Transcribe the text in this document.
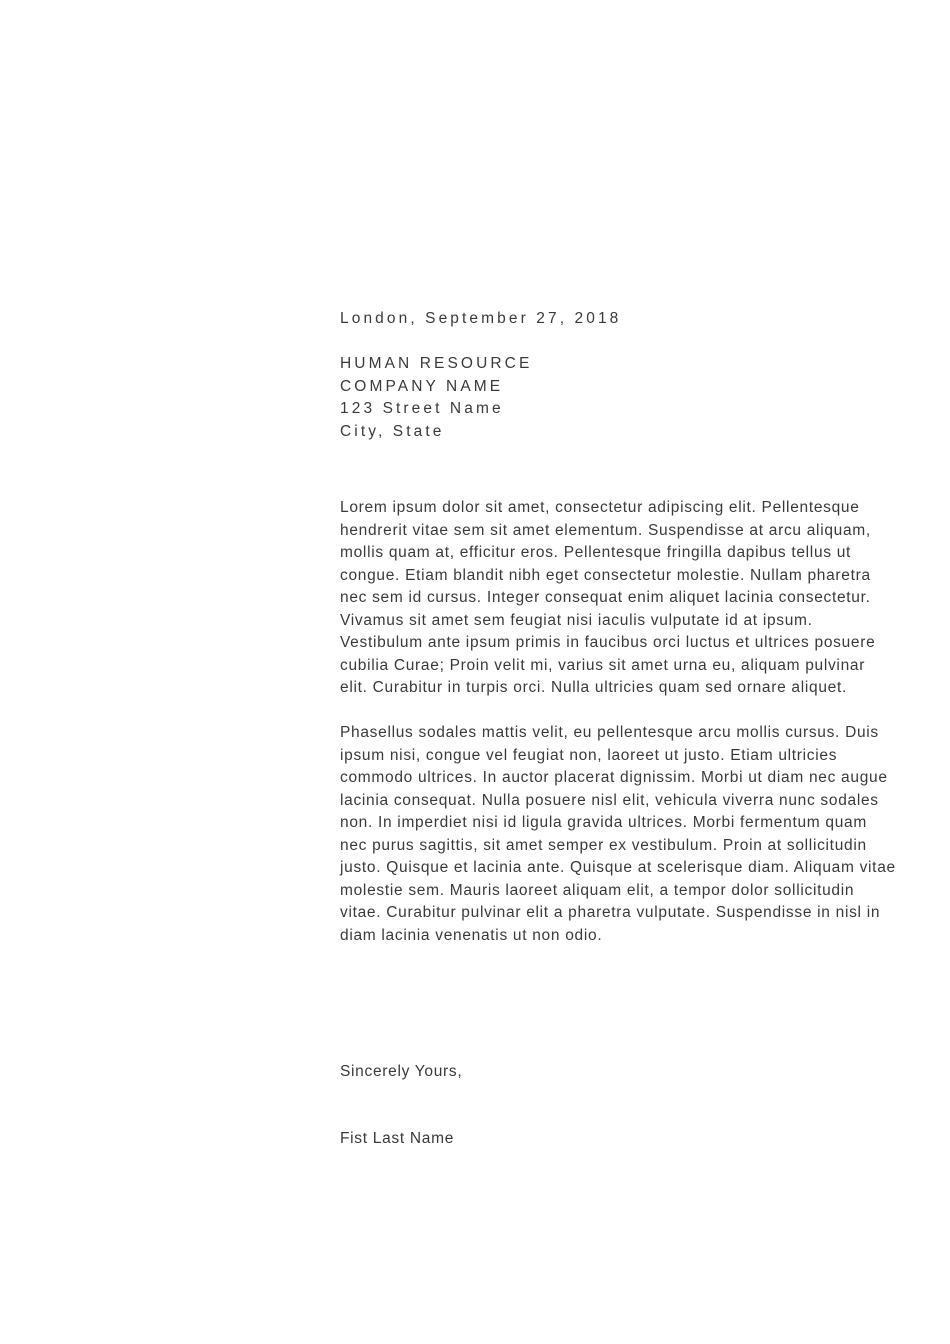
London, September 27, 2018
HUMAN RESOURCE
COMPANY NAME
123 Street Name
City, State

Lorem ipsum dolor sit amet, consectetur adipiscing elit. Pellentesque hendrerit vitae sem sit amet elementum. Suspendisse at arcu aliquam, mollis quam at, efficitur eros. Pellentesque fringilla dapibus tellus ut congue. Etiam blandit nibh eget consectetur molestie. Nullam pharetra nec sem id cursus. Integer consequat enim aliquet lacinia consectetur. Vivamus sit amet sem feugiat nisi iaculis vulputate id at ipsum. Vestibulum ante ipsum primis in faucibus orci luctus et ultrices posuere cubilia Curae; Proin velit mi, varius sit amet urna eu, aliquam pulvinar elit. Curabitur in turpis orci. Nulla ultricies quam sed ornare aliquet.

Phasellus sodales mattis velit, eu pellentesque arcu mollis cursus. Duis ipsum nisi, congue vel feugiat non, laoreet ut justo. Etiam ultricies commodo ultrices. In auctor placerat dignissim. Morbi ut diam nec augue lacinia consequat. Nulla posuere nisl elit, vehicula viverra nunc sodales non. In imperdiet nisi id ligula gravida ultrices. Morbi fermentum quam nec purus sagittis, sit amet semper ex vestibulum. Proin at sollicitudin justo. Quisque et lacinia ante. Quisque at scelerisque diam. Aliquam vitae molestie sem. Mauris laoreet aliquam elit, a tempor dolor sollicitudin vitae. Curabitur pulvinar elit a pharetra vulputate. Suspendisse in nisl in diam lacinia venenatis ut non odio.

Sincerely Yours,
Fist Last Name
